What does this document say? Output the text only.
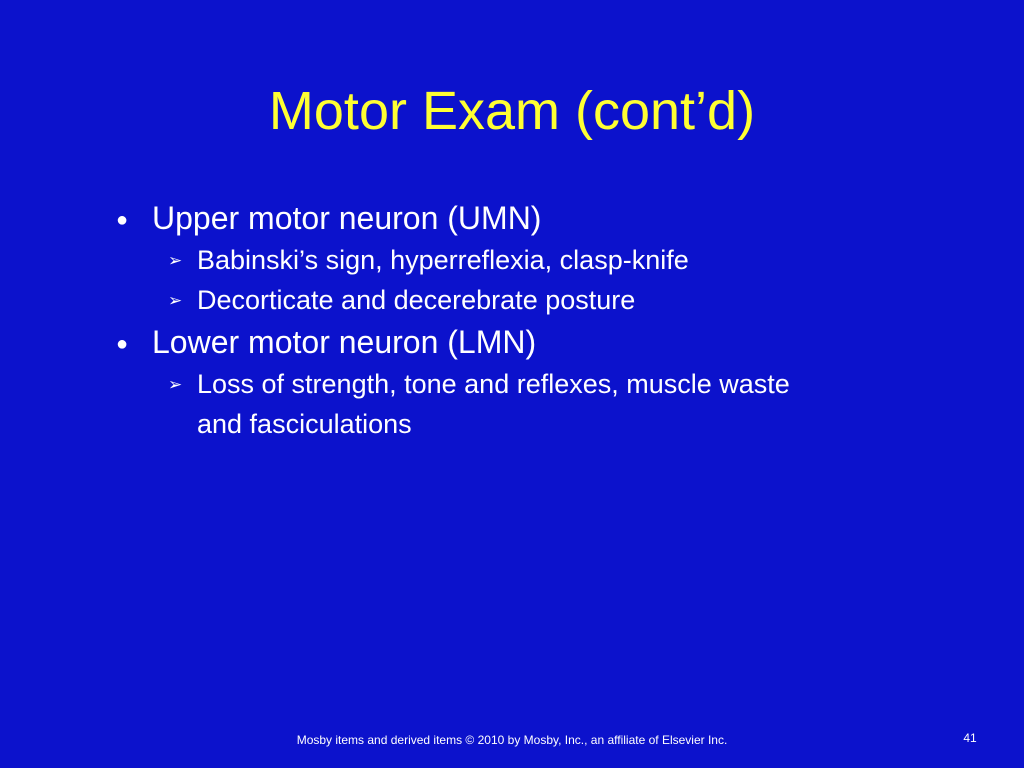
Motor Exam (cont’d)
● Upper motor neuron (UMN)
➢ Babinski’s sign, hyperreflexia, clasp-knife
➢ Decorticate and decerebrate posture
● Lower motor neuron (LMN)
➢ Loss of strength, tone and reflexes, muscle waste and fasciculations
Mosby items and derived items © 2010 by Mosby, Inc., an affiliate of Elsevier Inc.	41
